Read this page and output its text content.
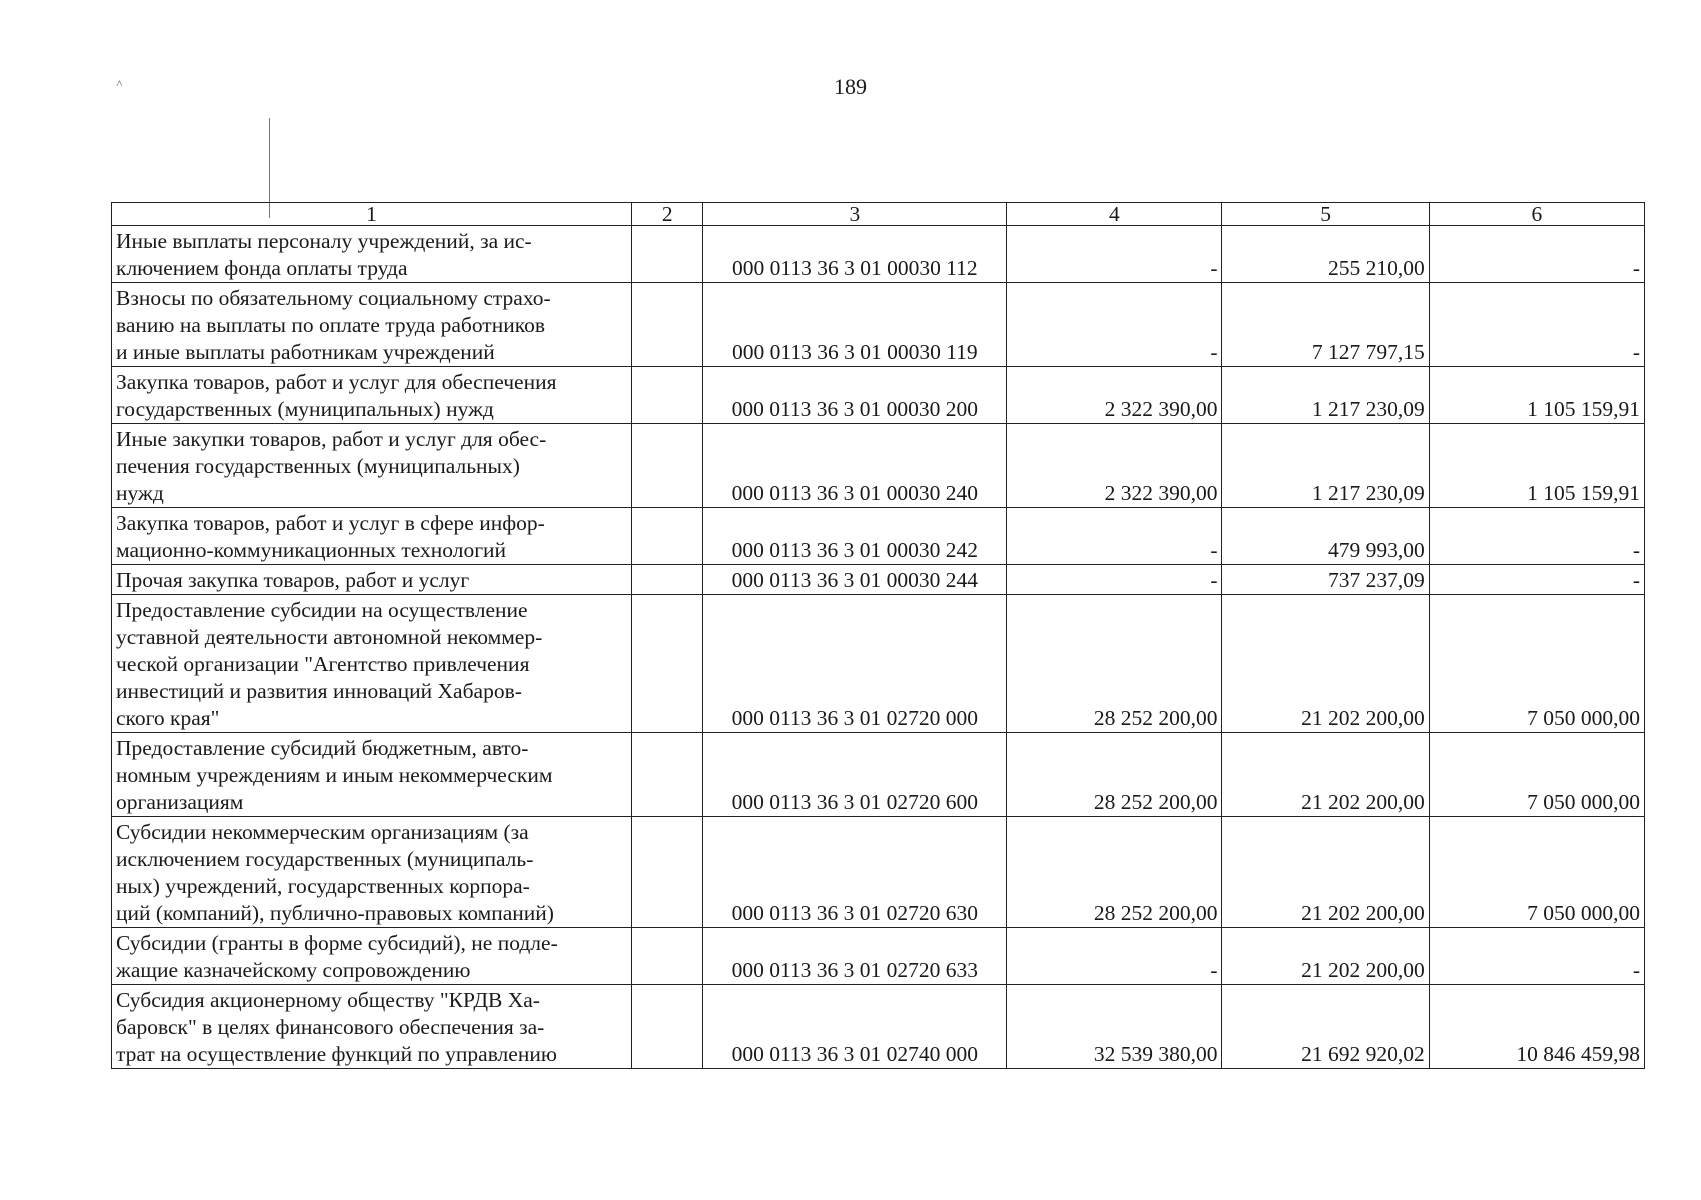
˄	189
1	2	3	4	5	6
Иные выплаты персоналу учреждений, за ис-
ключением фонда оплаты труда		000 0113 36 3 01 00030 112	-	255 210,00	-
Взносы по обязательному социальному страхо-
ванию на выплаты по оплате труда работников
и иные выплаты работникам учреждений		000 0113 36 3 01 00030 119	-	7 127 797,15	-
Закупка товаров, работ и услуг для обеспечения
государственных (муниципальных) нужд		000 0113 36 3 01 00030 200	2 322 390,00	1 217 230,09	1 105 159,91
Иные закупки товаров, работ и услуг для обес-
печения государственных (муниципальных)
нужд		000 0113 36 3 01 00030 240	2 322 390,00	1 217 230,09	1 105 159,91
Закупка товаров, работ и услуг в сфере инфор-
мационно-коммуникационных технологий		000 0113 36 3 01 00030 242	-	479 993,00	-
Прочая закупка товаров, работ и услуг		000 0113 36 3 01 00030 244	-	737 237,09	-
Предоставление субсидии на осуществление
уставной деятельности автономной некоммер-
ческой организации "Агентство привлечения
инвестиций и развития инноваций Хабаров-
ского края"		000 0113 36 3 01 02720 000	28 252 200,00	21 202 200,00	7 050 000,00
Предоставление субсидий бюджетным, авто-
номным учреждениям и иным некоммерческим
организациям		000 0113 36 3 01 02720 600	28 252 200,00	21 202 200,00	7 050 000,00
Субсидии некоммерческим организациям (за
исключением государственных (муниципаль-
ных) учреждений, государственных корпора-
ций (компаний), публично-правовых компаний)		000 0113 36 3 01 02720 630	28 252 200,00	21 202 200,00	7 050 000,00
Субсидии (гранты в форме субсидий), не подле-
жащие казначейскому сопровождению		000 0113 36 3 01 02720 633	-	21 202 200,00	-
Субсидия акционерному обществу "КРДВ Ха-
баровск" в целях финансового обеспечения за-
трат на осуществление функций по управлению		000 0113 36 3 01 02740 000	32 539 380,00	21 692 920,02	10 846 459,98
